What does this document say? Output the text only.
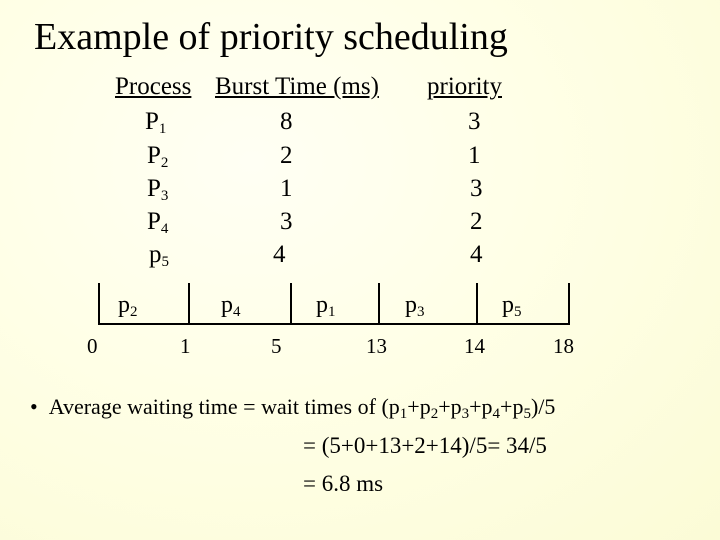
Example of priority scheduling
Process Burst Time (ms) priority
$P_1$	8	3
$P_2$	2	1
$P_3$	1	3
$P_4$	3	2
$p_5$	4	4
$p_2$	$p_4$	$p_1$	$p_3$	$p_5$
0	1	5	13	14	18
• Average waiting time = wait times of $(p_1+p_2+p_3+p_4+p_5)/5$
= (5+0+13+2+14)/5= 34/5
= 6.8 ms
